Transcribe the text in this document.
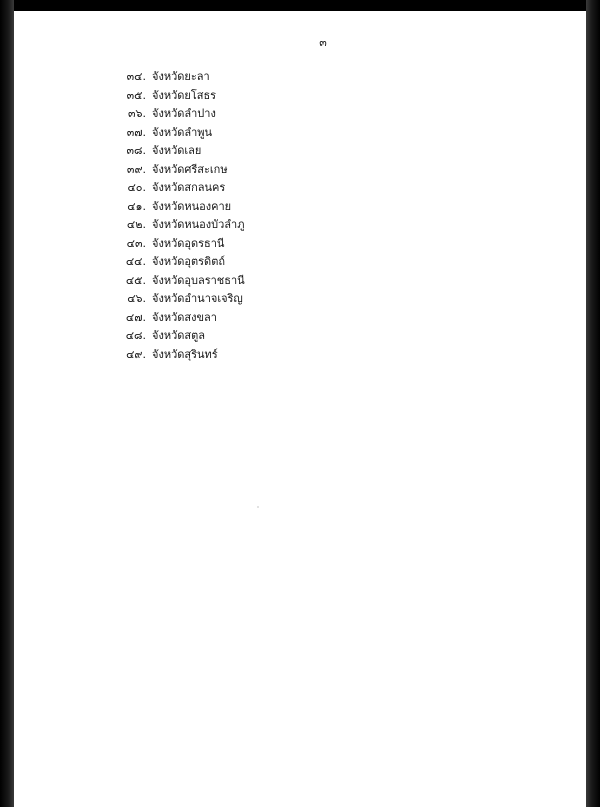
๓
๓๔. จังหวัดยะลา
๓๕. จังหวัดยโสธร
๓๖. จังหวัดลำปาง
๓๗. จังหวัดลำพูน
๓๘. จังหวัดเลย
๓๙. จังหวัดศรีสะเกษ
๔๐. จังหวัดสกลนคร
๔๑. จังหวัดหนองคาย
๔๒. จังหวัดหนองบัวลำภู
๔๓. จังหวัดอุดรธานี
๔๔. จังหวัดอุตรดิตถ์
๔๕. จังหวัดอุบลราชธานี
๔๖. จังหวัดอำนาจเจริญ
๔๗. จังหวัดสงขลา
๔๘. จังหวัดสตูล
๔๙. จังหวัดสุรินทร์
